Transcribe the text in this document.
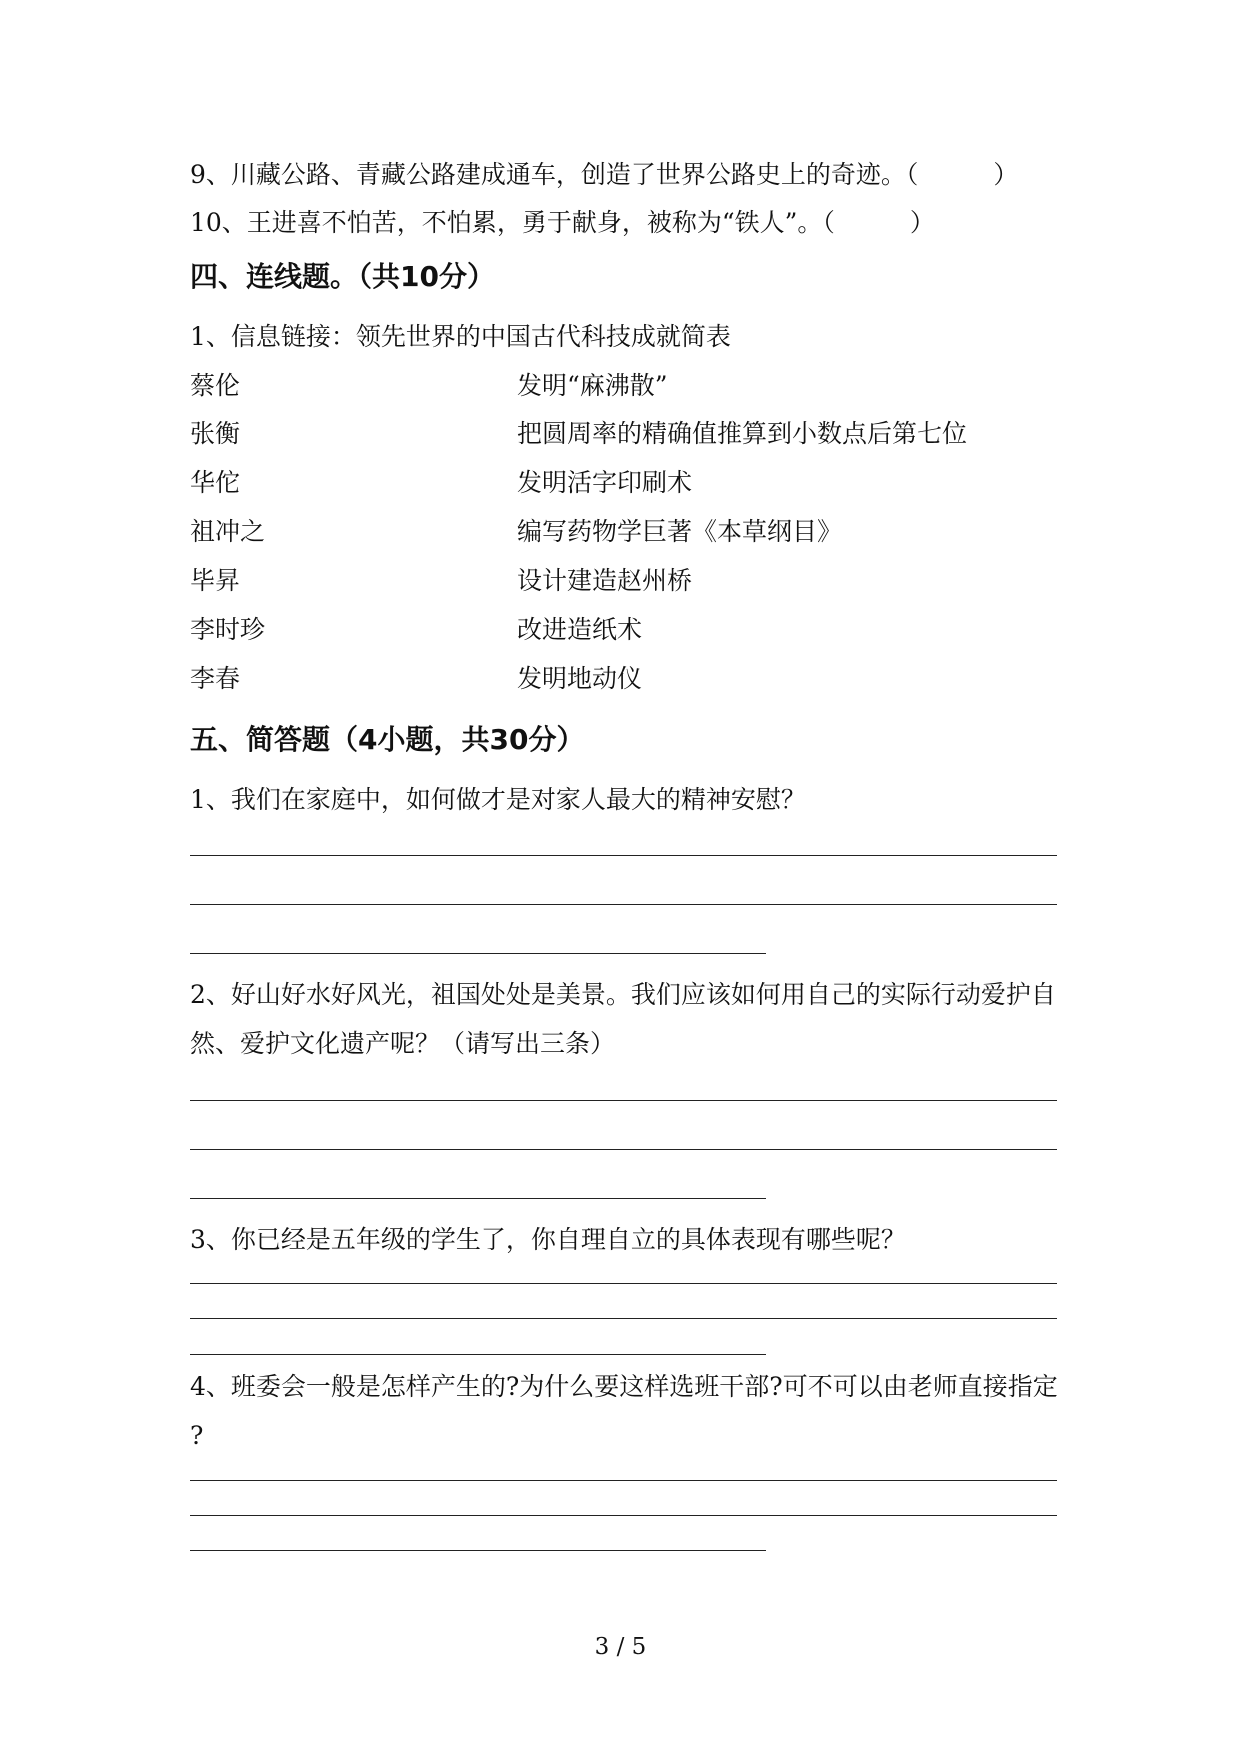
9、川藏公路、青藏公路建成通车，创造了世界公路史上的奇迹。（　　　）

10、王进喜不怕苦，不怕累，勇于献身，被称为“铁人”。（　　　）

四、连线题。（共10分）

1、信息链接：领先世界的中国古代科技成就简表

蔡伦
张衡
华佗
祖冲之
毕昇
李时珍
李春
发明“麻沸散”
把圆周率的精确值推算到小数点后第七位
发明活字印刷术
编写药物学巨著《本草纲目》
设计建造赵州桥
改进造纸术
发明地动仪
五、简答题（4小题，共30分）

1、我们在家庭中，如何做才是对家人最大的精神安慰？

2、好山好水好风光，祖国处处是美景。我们应该如何用自己的实际行动爱护自

然、爱护文化遗产呢？（请写出三条）

3、你已经是五年级的学生了，你自理自立的具体表现有哪些呢？

4、班委会一般是怎样产生的?为什么要这样选班干部?可不可以由老师直接指定

?

3 / 5
